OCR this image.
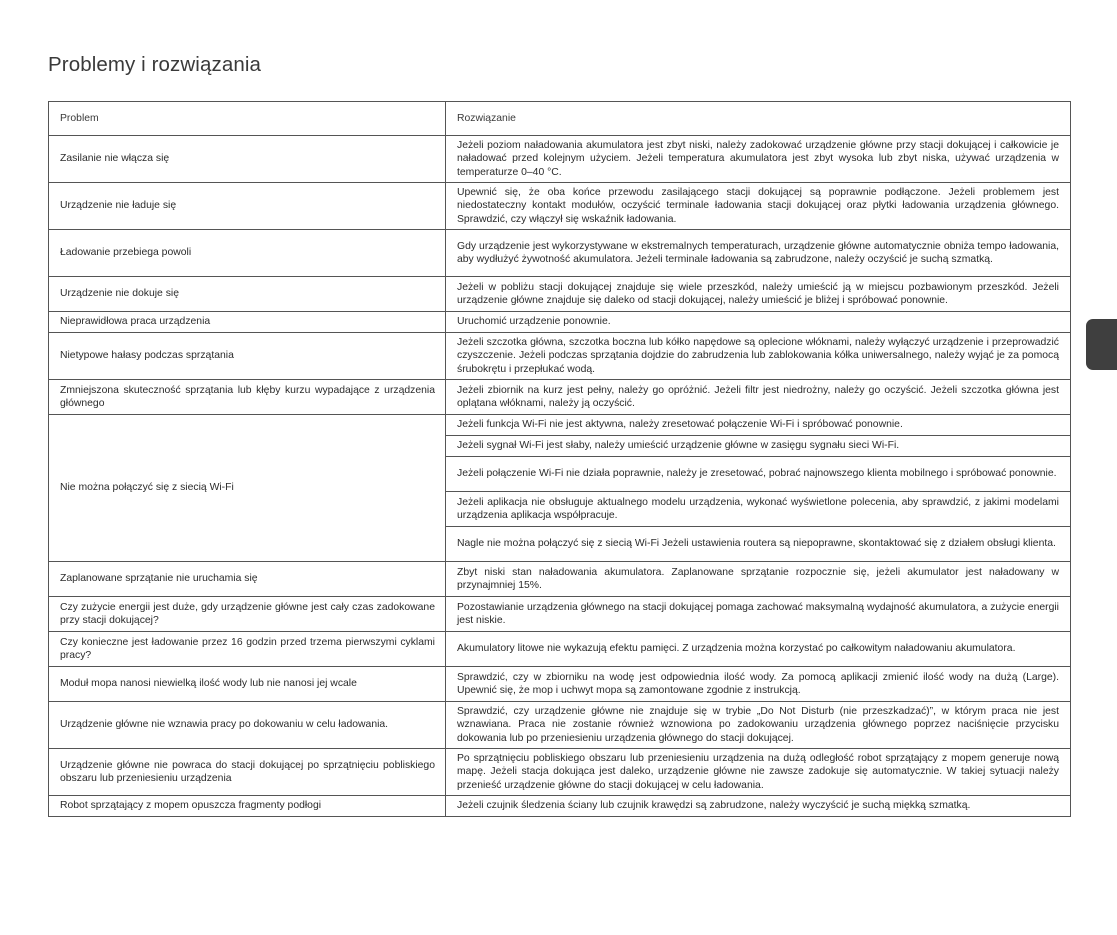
Problemy i rozwiązania
Problem	Rozwiązanie
Zasilanie nie włącza się	Jeżeli poziom naładowania akumulatora jest zbyt niski, należy zadokować urządzenie główne przy stacji dokującej i całkowicie je naładować przed kolejnym użyciem. Jeżeli temperatura akumulatora jest zbyt wysoka lub zbyt niska, używać urządzenia w temperaturze 0–40 °C.

Urządzenie nie ładuje się	Upewnić się, że oba końce przewodu zasilającego stacji dokującej są poprawnie podłączone. Jeżeli problemem jest niedostateczny kontakt modułów, oczyścić terminale ładowania stacji dokującej oraz płytki ładowania urządzenia głównego. Sprawdzić, czy włączył się wskaźnik ładowania.

Ładowanie przebiega powoli	Gdy urządzenie jest wykorzystywane w ekstremalnych temperaturach, urządzenie główne automatycznie obniża tempo ładowania, aby wydłużyć żywotność akumulatora. Jeżeli terminale ładowania są zabrudzone, należy oczyścić je suchą szmatką.

Urządzenie nie dokuje się	Jeżeli w pobliżu stacji dokującej znajduje się wiele przeszkód, należy umieścić ją w miejscu pozbawionym przeszkód. Jeżeli urządzenie główne znajduje się daleko od stacji dokującej, należy umieścić je bliżej i spróbować ponownie.

Nieprawidłowa praca urządzenia	Uruchomić urządzenie ponownie.

Nietypowe hałasy podczas sprzątania	Jeżeli szczotka główna, szczotka boczna lub kółko napędowe są oplecione włóknami, należy wyłączyć urządzenie i przeprowadzić czyszczenie. Jeżeli podczas sprzątania dojdzie do zabrudzenia lub zablokowania kółka uniwersalnego, należy wyjąć je za pomocą śrubokrętu i przepłukać wodą.

Zmniejszona skuteczność sprzątania lub kłęby kurzu wypadające z urządzenia głównego	Jeżeli zbiornik na kurz jest pełny, należy go opróżnić. Jeżeli filtr jest niedrożny, należy go oczyścić. Jeżeli szczotka główna jest oplątana włóknami, należy ją oczyścić.

Nie można połączyć się z siecią Wi-Fi	Jeżeli funkcja Wi-Fi nie jest aktywna, należy zresetować połączenie Wi-Fi i spróbować ponownie.

	Jeżeli sygnał Wi-Fi jest słaby, należy umieścić urządzenie główne w zasięgu sygnału sieci Wi-Fi.

	Jeżeli połączenie Wi-Fi nie działa poprawnie, należy je zresetować, pobrać najnowszego klienta mobilnego i spróbować ponownie.

	Jeżeli aplikacja nie obsługuje aktualnego modelu urządzenia, wykonać wyświetlone polecenia, aby sprawdzić, z jakimi modelami urządzenia aplikacja współpracuje.

	Nagle nie można połączyć się z siecią Wi-Fi Jeżeli ustawienia routera są niepoprawne, skontaktować się z działem obsługi klienta.

Zaplanowane sprzątanie nie uruchamia się	Zbyt niski stan naładowania akumulatora. Zaplanowane sprzątanie rozpocznie się, jeżeli akumulator jest naładowany w przynajmniej 15%.

Czy zużycie energii jest duże, gdy urządzenie główne jest cały czas zadokowane przy stacji dokującej?	Pozostawianie urządzenia głównego na stacji dokującej pomaga zachować maksymalną wydajność akumulatora, a zużycie energii jest niskie.

Czy konieczne jest ładowanie przez 16 godzin przed trzema pierwszymi cyklami pracy?	Akumulatory litowe nie wykazują efektu pamięci. Z urządzenia można korzystać po całkowitym naładowaniu akumulatora.

Moduł mopa nanosi niewielką ilość wody lub nie nanosi jej wcale	Sprawdzić, czy w zbiorniku na wodę jest odpowiednia ilość wody. Za pomocą aplikacji zmienić ilość wody na dużą (Large). Upewnić się, że mop i uchwyt mopa są zamontowane zgodnie z instrukcją.

Urządzenie główne nie wznawia pracy po dokowaniu w celu ładowania.	Sprawdzić, czy urządzenie główne nie znajduje się w trybie „Do Not Disturb (nie przeszkadzać)”, w którym praca nie jest wznawiana. Praca nie zostanie również wznowiona po zadokowaniu urządzenia głównego poprzez naciśnięcie przycisku dokowania lub po przeniesieniu urządzenia głównego do stacji dokującej.

Urządzenie główne nie powraca do stacji dokującej po sprzątnięciu pobliskiego obszaru lub przeniesieniu urządzenia	Po sprzątnięciu pobliskiego obszaru lub przeniesieniu urządzenia na dużą odległość robot sprzątający z mopem generuje nową mapę. Jeżeli stacja dokująca jest daleko, urządzenie główne nie zawsze zadokuje się automatycznie. W takiej sytuacji należy przenieść urządzenie główne do stacji dokującej w celu ładowania.

Robot sprzątający z mopem opuszcza fragmenty podłogi	Jeżeli czujnik śledzenia ściany lub czujnik krawędzi są zabrudzone, należy wyczyścić je suchą miękką szmatką.
